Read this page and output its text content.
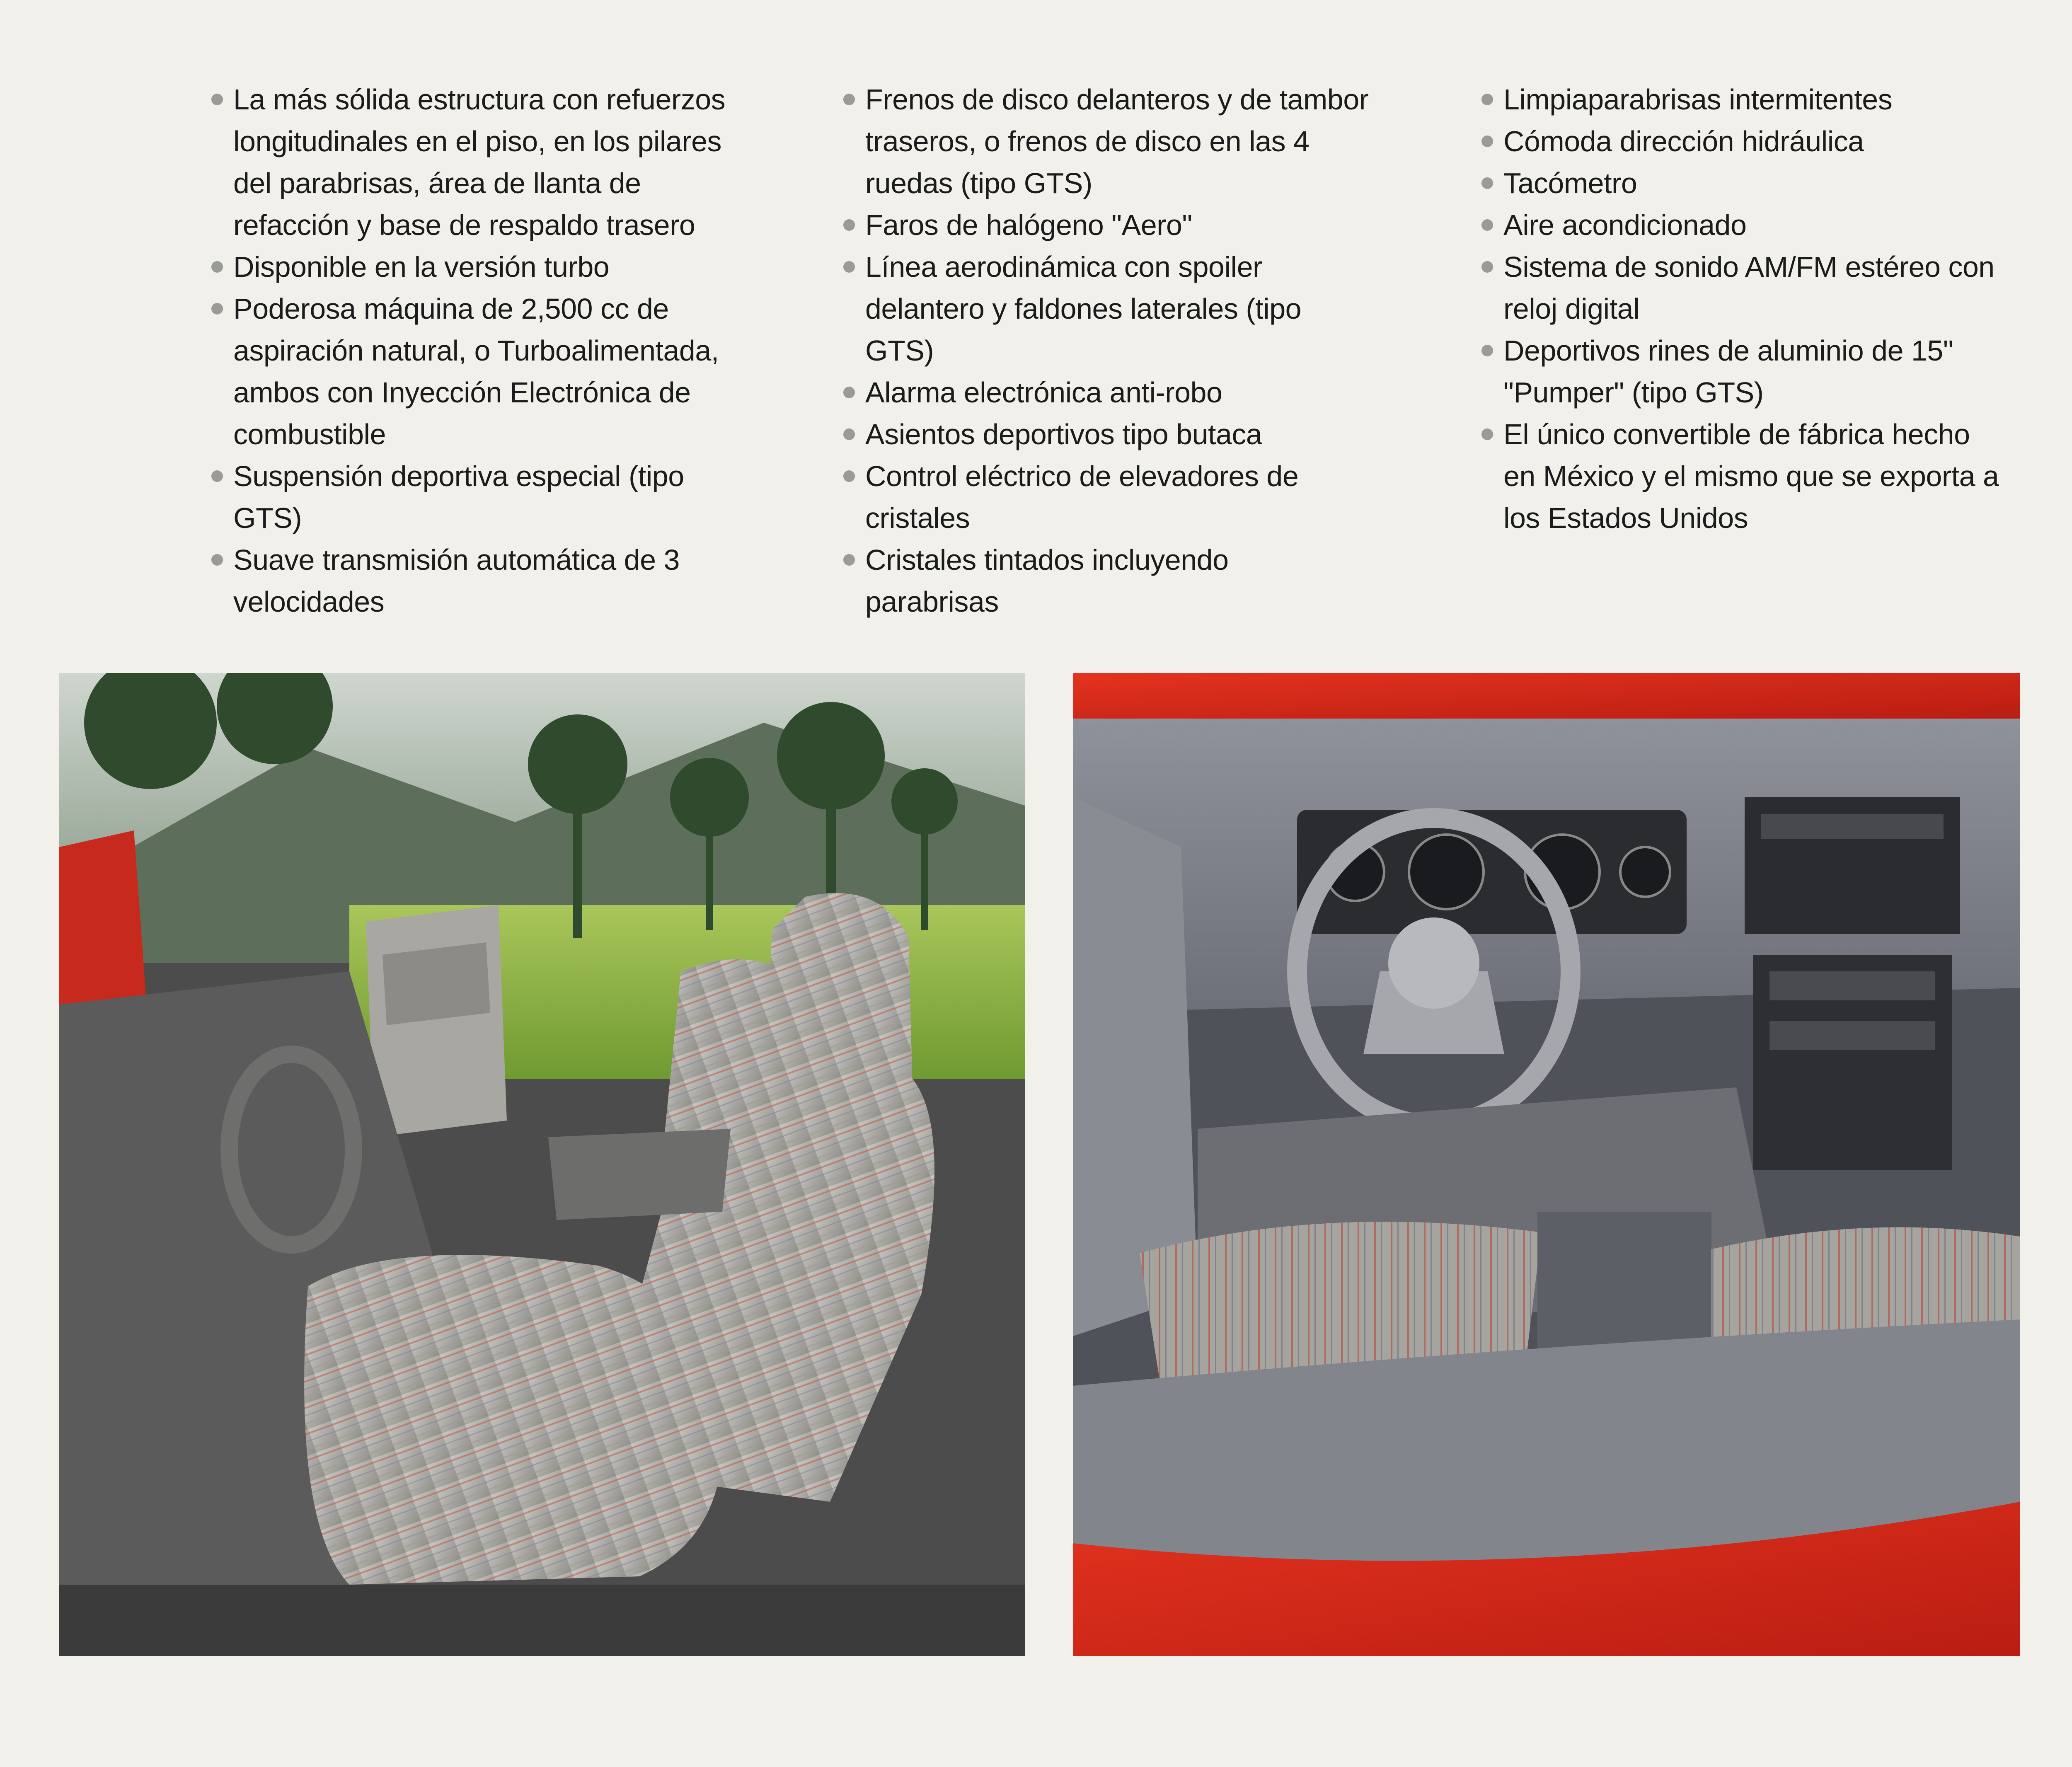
La más sólida estructura con refuerzos
longitudinales en el piso, en los pilares
del parabrisas, área de llanta de
refacción y base de respaldo trasero
Disponible en la versión turbo
Poderosa máquina de 2,500 cc de
aspiración natural, o Turboalimentada,
ambos con Inyección Electrónica de
combustible
Suspensión deportiva especial (tipo
GTS)
Suave transmisión automática de 3
velocidades
Frenos de disco delanteros y de tambor
traseros, o frenos de disco en las 4
ruedas (tipo GTS)
Faros de halógeno "Aero"
Línea aerodinámica con spoiler
delantero y faldones laterales (tipo
GTS)
Alarma electrónica anti-robo
Asientos deportivos tipo butaca
Control eléctrico de elevadores de
cristales
Cristales tintados incluyendo
parabrisas
Limpiaparabrisas intermitentes
Cómoda dirección hidráulica
Tacómetro
Aire acondicionado
Sistema de sonido AM/FM estéreo con
reloj digital
Deportivos rines de aluminio de 15"
"Pumper" (tipo GTS)
El único convertible de fábrica hecho
en México y el mismo que se exporta a
los Estados Unidos
